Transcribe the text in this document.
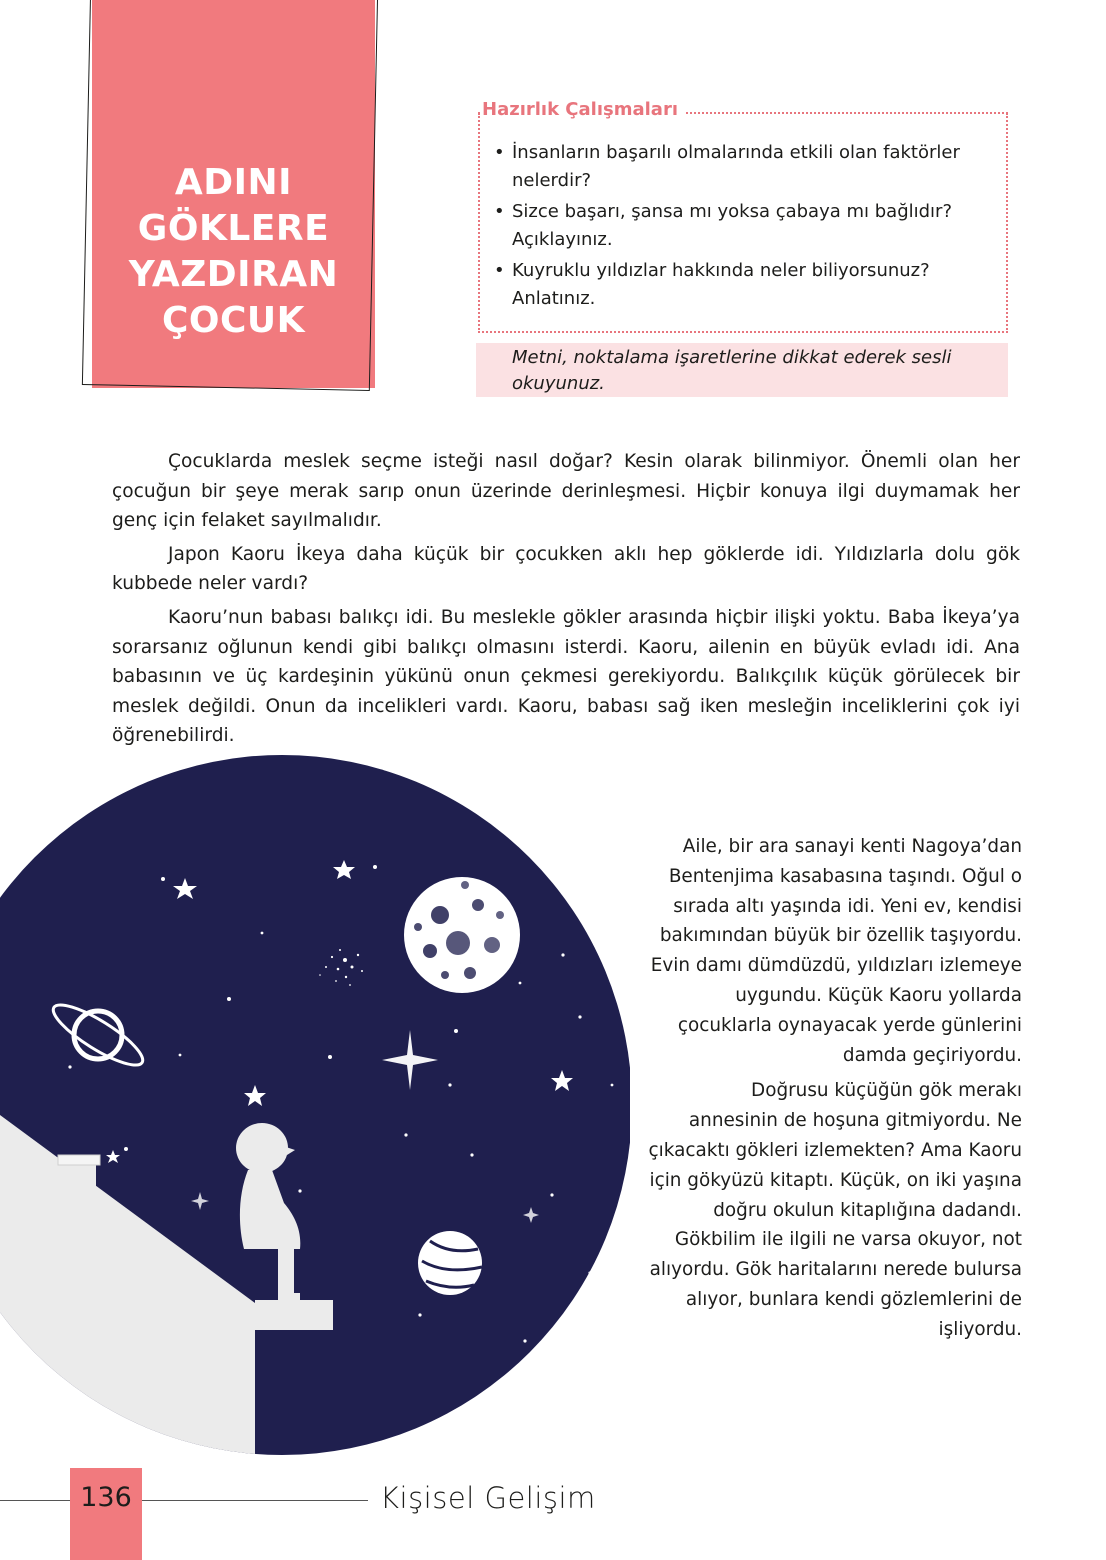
ADINI
GÖKLERE
YAZDIRAN
ÇOCUK
Hazırlık Çalışmaları
• İnsanların başarılı olmalarında etkili olan faktörler nelerdir?
• Sizce başarı, şansa mı yoksa çabaya mı bağlıdır? Açıklayınız.
• Kuyruklu yıldızlar hakkında neler biliyorsunuz? Anlatınız.

Metni, noktalama işaretlerine dikkat ederek sesli okuyunuz.

Çocuklarda meslek seçme isteği nasıl doğar? Kesin olarak bilinmiyor. Önemli olan her çocuğun bir şeye merak sarıp onun üzerinde derinleşmesi. Hiçbir konuya ilgi duymamak her genç için felaket sayılmalıdır.

Japon Kaoru İkeya daha küçük bir çocukken aklı hep göklerde idi. Yıldızlarla dolu gök kubbede neler vardı?

Kaoru’nun babası balıkçı idi. Bu meslekle gökler arasında hiçbir ilişki yoktu. Baba İkeya’ya sorarsanız oğlunun kendi gibi balıkçı olmasını isterdi. Kaoru, ailenin en büyük evladı idi. Ana babasının ve üç kardeşinin yükünü onun çekmesi gerekiyordu. Balıkçılık küçük görülecek bir meslek değildi. Onun da incelikleri vardı. Kaoru, babası sağ iken mesleğin inceliklerini çok iyi öğrenebilirdi.

Aile, bir ara sanayi kenti Nagoya’dan Bentenjima kasabasına taşındı. Oğul o sırada altı yaşında idi. Yeni ev, kendisi bakımından büyük bir özellik taşıyordu. Evin damı dümdüzdü, yıldızları izlemeye uygundu. Küçük Kaoru yollarda çocuklarla oynayacak yerde günlerini damda geçiriyordu.

Doğrusu küçüğün gök merakı annesinin de hoşuna gitmiyordu. Ne çıkacaktı gökleri izlemekten? Ama Kaoru için gökyüzü kitaptı. Küçük, on iki yaşına doğru okulun kitaplığına dadandı. Gökbilim ile ilgili ne varsa okuyor, not alıyordu. Gök haritalarını nerede bulursa alıyor, bunlara kendi gözlemlerini de işliyordu.

136	Kişisel Gelişim
